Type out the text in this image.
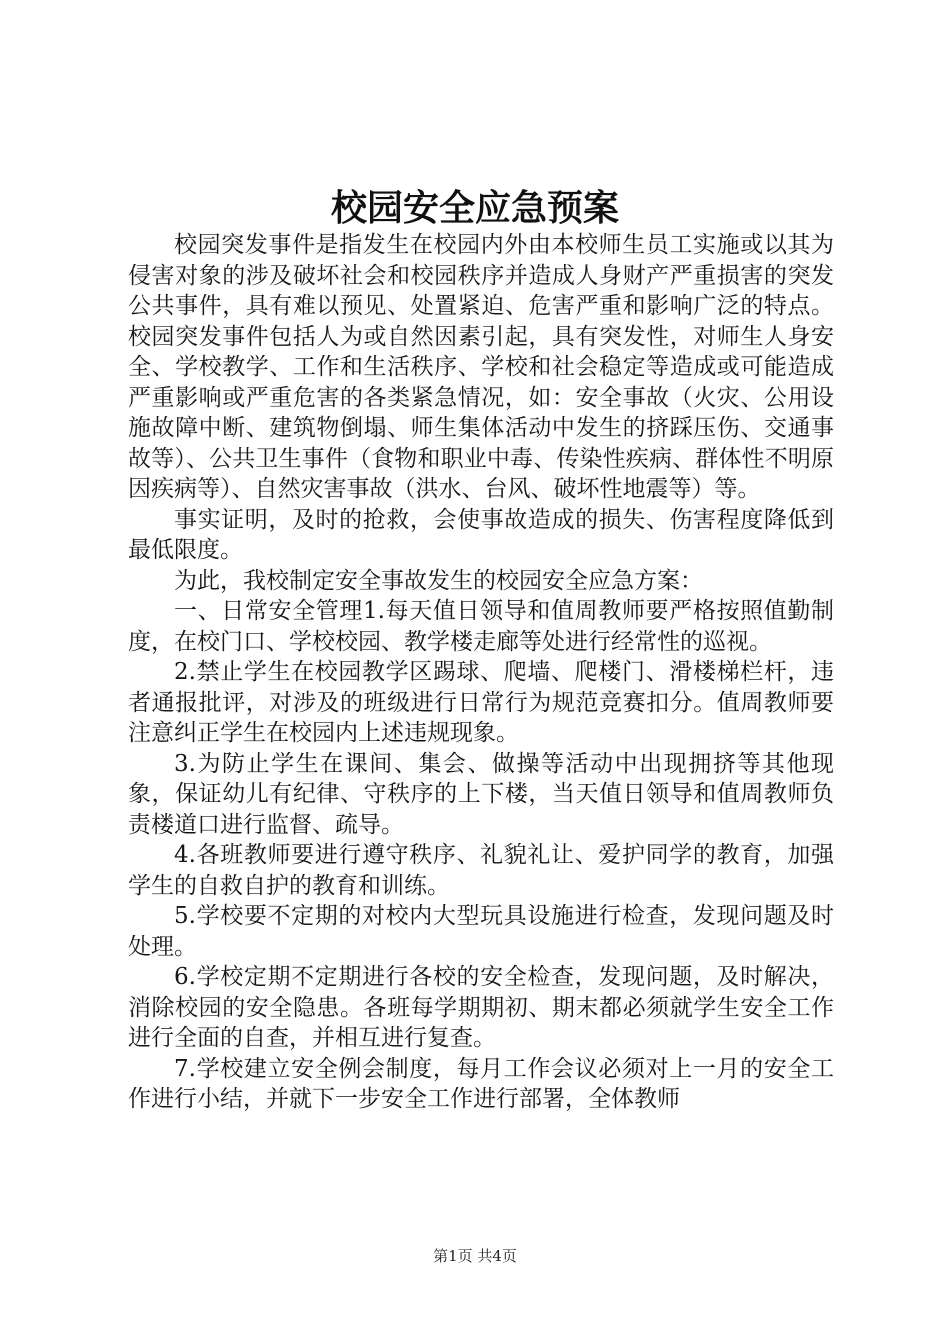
校园安全应急预案

校园突发事件是指发生在校园内外由本校师生员工实施或以其为侵害对象的涉及破坏社会和校园秩序并造成人身财产严重损害的突发公共事件，具有难以预见、处置紧迫、危害严重和影响广泛的特点。校园突发事件包括人为或自然因素引起，具有突发性，对师生人身安全、学校教学、工作和生活秩序、学校和社会稳定等造成或可能造成严重影响或严重危害的各类紧急情况，如：安全事故（火灾、公用设施故障中断、建筑物倒塌、师生集体活动中发生的挤踩压伤、交通事故等）、公共卫生事件（食物和职业中毒、传染性疾病、群体性不明原因疾病等）、自然灾害事故（洪水、台风、破坏性地震等）等。

事实证明，及时的抢救，会使事故造成的损失、伤害程度降低到最低限度。

为此，我校制定安全事故发生的校园安全应急方案：

一、日常安全管理1.每天值日领导和值周教师要严格按照值勤制度，在校门口、学校校园、教学楼走廊等处进行经常性的巡视。

2.禁止学生在校园教学区踢球、爬墙、爬楼门、滑楼梯栏杆，违者通报批评，对涉及的班级进行日常行为规范竞赛扣分。值周教师要注意纠正学生在校园内上述违规现象。

3.为防止学生在课间、集会、做操等活动中出现拥挤等其他现象，保证幼儿有纪律、守秩序的上下楼，当天值日领导和值周教师负责楼道口进行监督、疏导。

4.各班教师要进行遵守秩序、礼貌礼让、爱护同学的教育，加强学生的自救自护的教育和训练。

5.学校要不定期的对校内大型玩具设施进行检查，发现问题及时处理。

6.学校定期不定期进行各校的安全检查，发现问题，及时解决，消除校园的安全隐患。各班每学期期初、期末都必须就学生安全工作进行全面的自查，并相互进行复查。

7.学校建立安全例会制度，每月工作会议必须对上一月的安全工作进行小结，并就下一步安全工作进行部署，全体教师

第1页 共4页
